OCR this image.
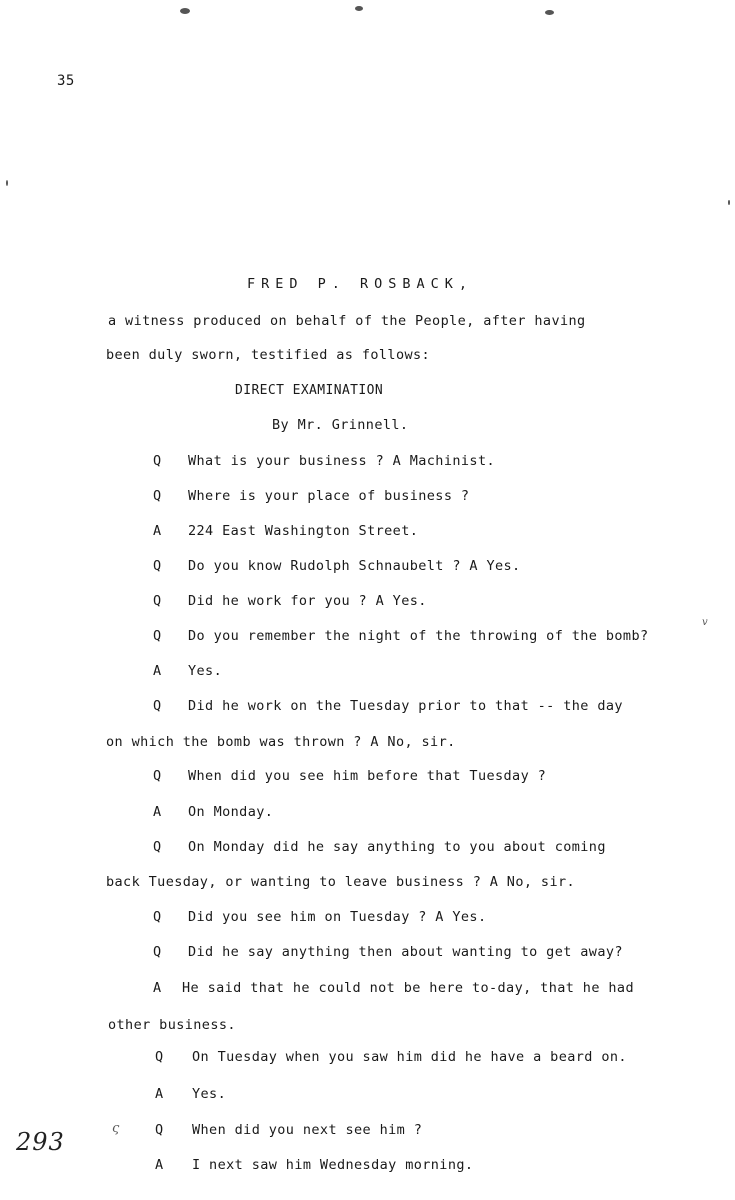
35
FRED P. ROSBACK,
a witness produced on behalf of the People, after having
been duly sworn, testified as follows:
DIRECT EXAMINATION
By Mr. Grinnell.
Q What is your business ? A Machinist.
Q Where is your place of business ?
A 224 East Washington Street.
Q Do you know Rudolph Schnaubelt ? A Yes.
Q Did he work for you ? A Yes.
Q Do you remember the night of the throwing of the bomb?
A Yes.
Q Did he work on the Tuesday prior to that -- the day
on which the bomb was thrown ? A No, sir.
Q When did you see him before that Tuesday ?
A On Monday.
Q On Monday did he say anything to you about coming
back Tuesday, or wanting to leave business ? A No, sir.
Q Did you see him on Tuesday ? A Yes.
Q Did he say anything then about wanting to get away?
A He said that he could not be here to-day, that he had
other business.
Q On Tuesday when you saw him did he have a beard on.
A Yes.
Q When did you next see him ?
A I next saw him Wednesday morning.
ς
v
293
